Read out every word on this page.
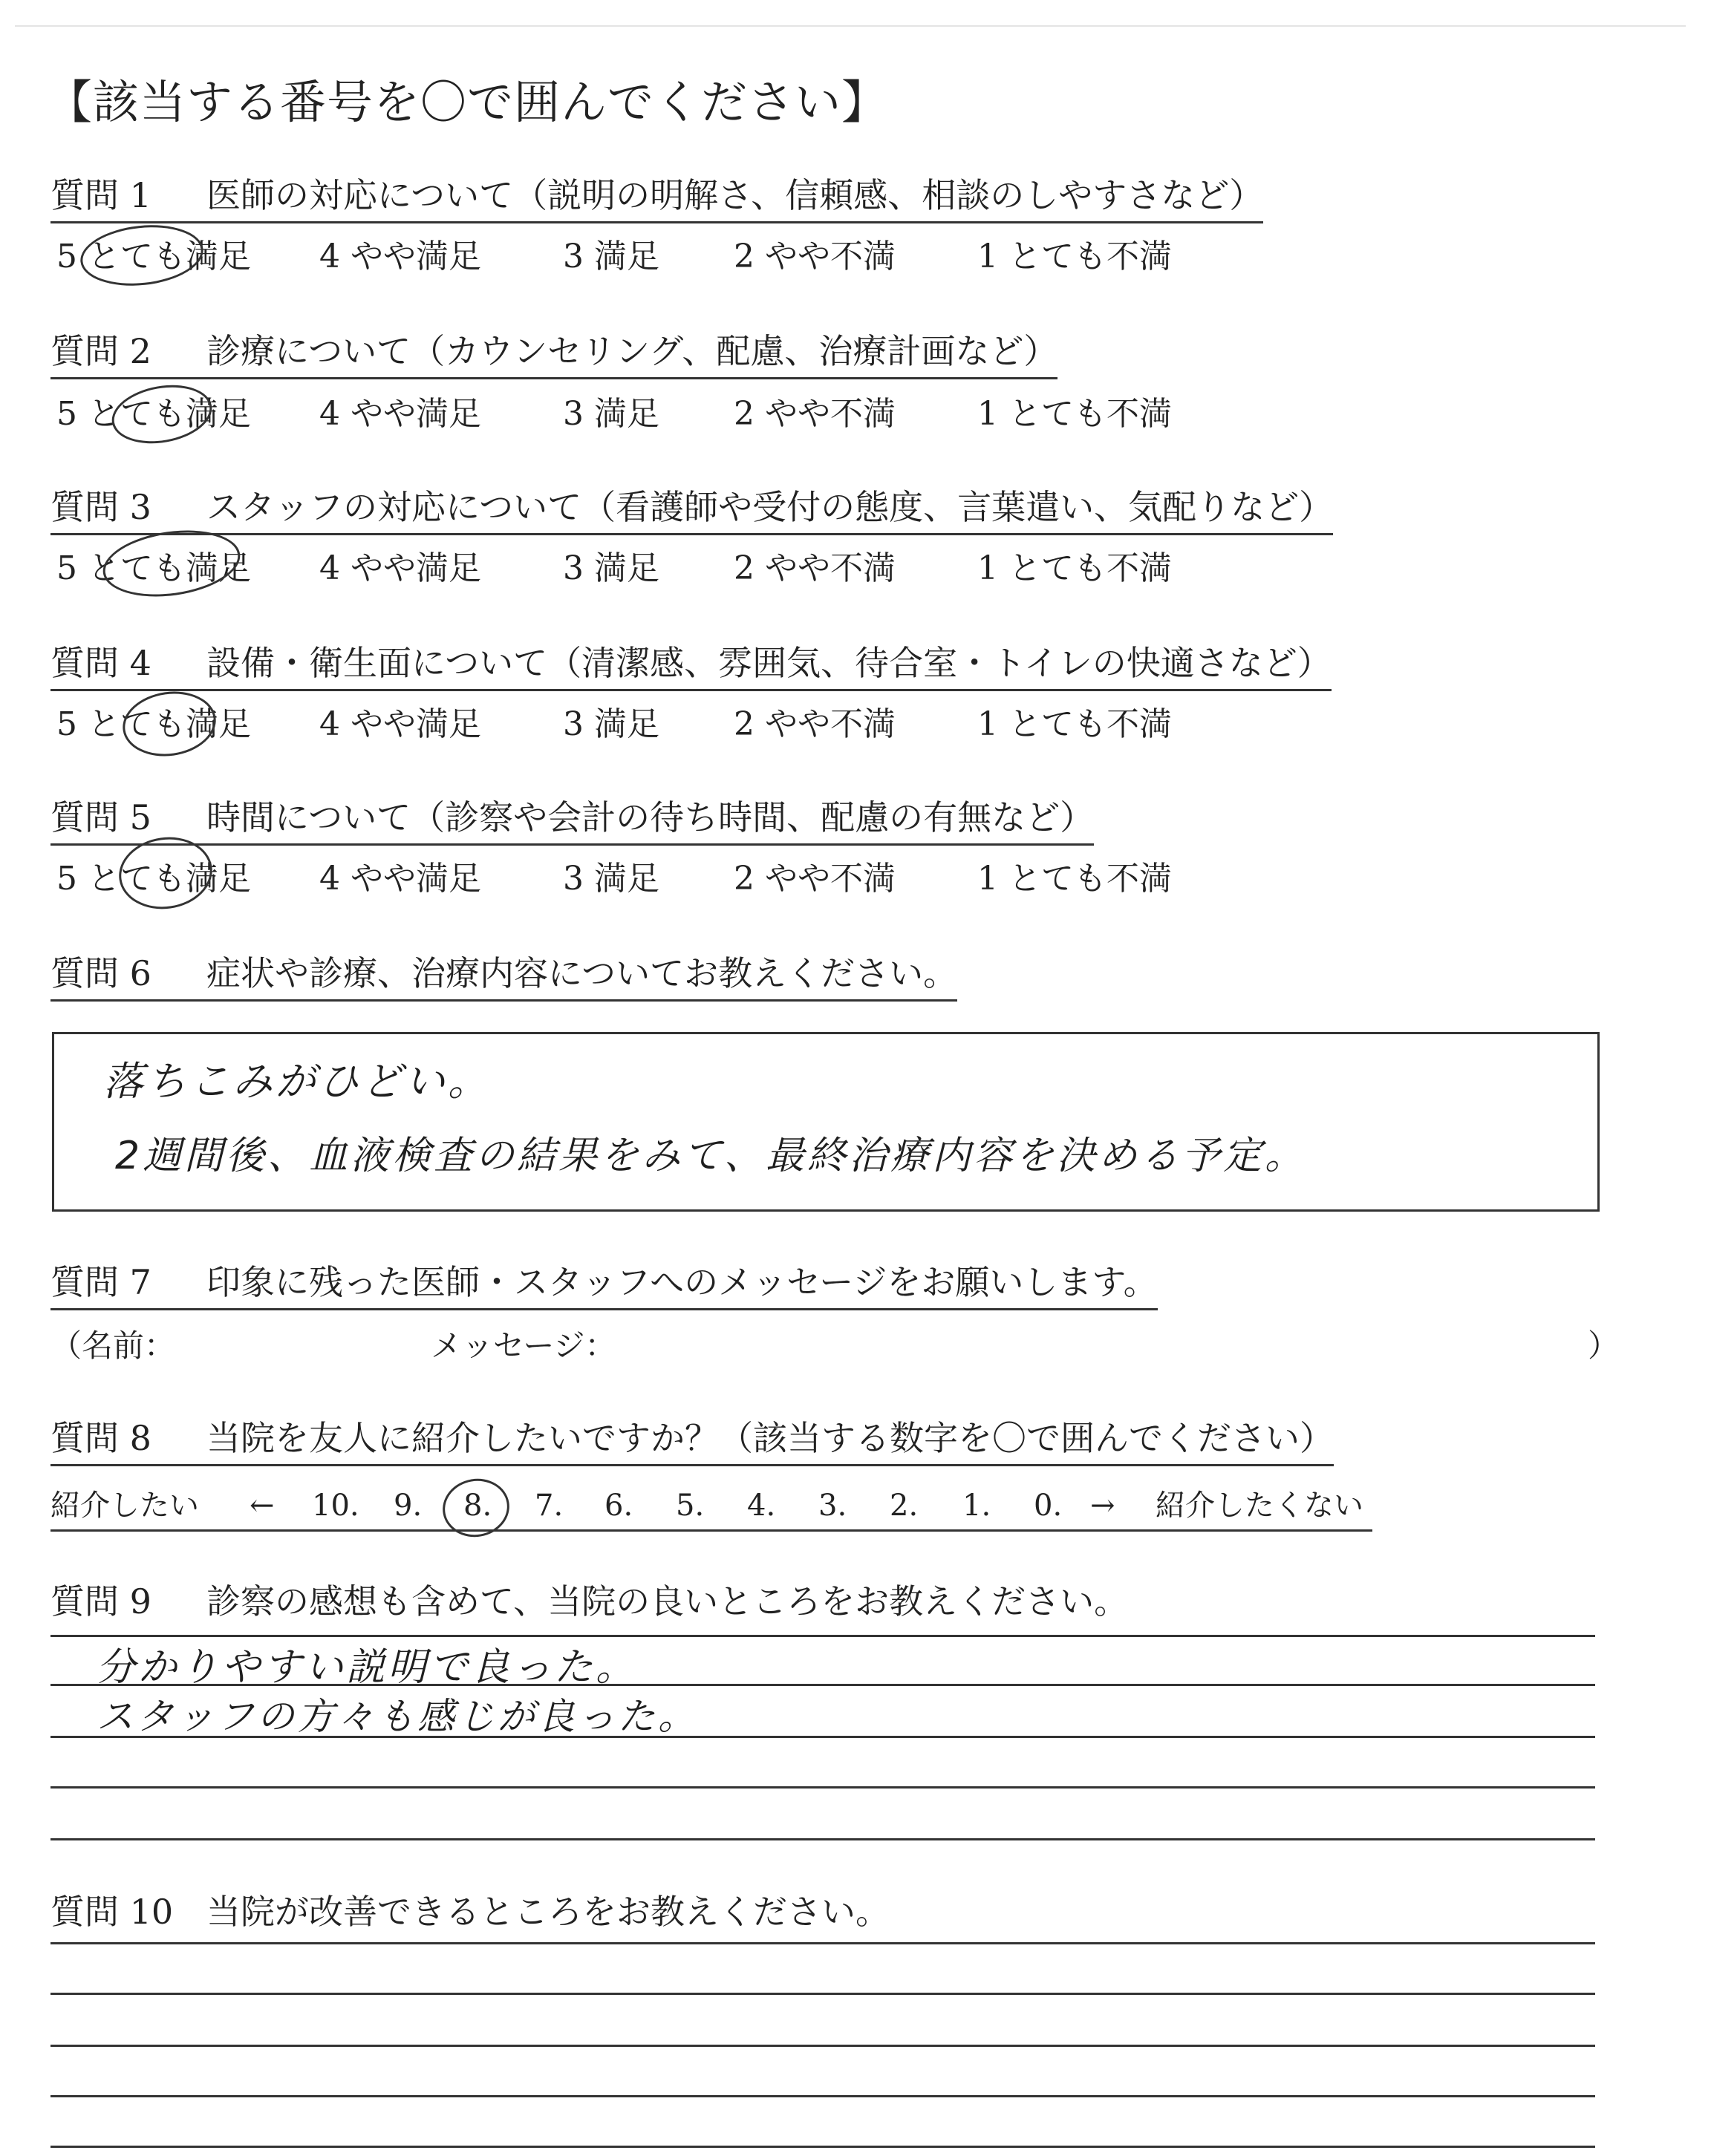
【該当する番号を〇で囲んでください】
質問 1 医師の対応について（説明の明解さ、信頼感、相談のしやすさなど）
5 とても満足 4 やや満足	3 満足 2 やや不満	1 とても不満
質問 2 診療について（カウンセリング、配慮、治療計画など）
5 とても満足 4 やや満足	3 満足 2 やや不満	1 とても不満
質問 3 スタッフの対応について（看護師や受付の態度、言葉遣い、気配りなど）
5 とても満足 4 やや満足	3 満足 2 やや不満	1 とても不満
質問 4 設備・衛生面について（清潔感、雰囲気、待合室・トイレの快適さなど）
5 とても満足 4 やや満足	3 満足 2 やや不満	1 とても不満
質問 5 時間について（診察や会計の待ち時間、配慮の有無など）
5 とても満足 4 やや満足	3 満足 2 やや不満	1 とても不満
質問 6 症状や診療、治療内容についてお教えください。
落ちこみがひどい。
2週間後、血液検査の結果をみて、最終治療内容を決める予定。
質問 7 印象に残った医師・スタッフへのメッセージをお願いします。
（名前：	メッセージ：	）
質問 8 当院を友人に紹介したいですか？（該当する数字を〇で囲んでください）
紹介したい ← 10. 9. 8. 7. 6. 5. 4. 3. 2. 1. 0. → 紹介したくない
質問 9 診察の感想も含めて、当院の良いところをお教えください。
分かりやすい説明で良った。
スタッフの方々も感じが良った。
質問 10 当院が改善できるところをお教えください。
